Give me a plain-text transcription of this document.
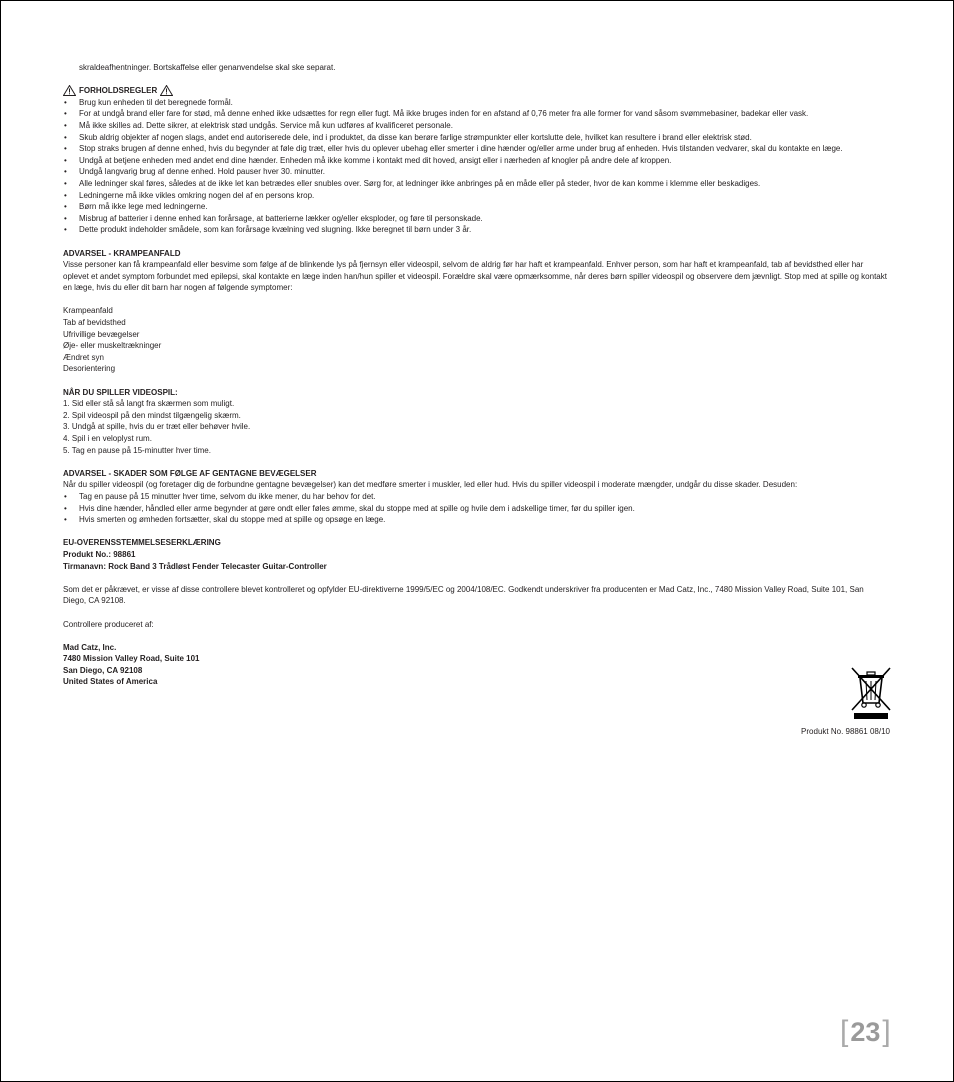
skraldeafhentninger. Bortskaffelse eller genanvendelse skal ske separat.

FORHOLDSREGLER
• Brug kun enheden til det beregnede formål.
• For at undgå brand eller fare for stød, må denne enhed ikke udsættes for regn eller fugt. Må ikke bruges inden for en afstand af 0,76 meter fra alle former for vand såsom svømmebasiner, badekar eller vask.
• Må ikke skilles ad. Dette sikrer, at elektrisk stød undgås. Service må kun udføres af kvalificeret personale.
• Skub aldrig objekter af nogen slags, andet end autoriserede dele, ind i produktet, da disse kan berøre farlige strømpunkter eller kortslutte dele, hvilket kan resultere i brand eller elektrisk stød.
• Stop straks brugen af denne enhed, hvis du begynder at føle dig træt, eller hvis du oplever ubehag eller smerter i dine hænder og/eller arme under brug af enheden. Hvis tilstanden vedvarer, skal du kontakte en læge.
• Undgå at betjene enheden med andet end dine hænder. Enheden må ikke komme i kontakt med dit hoved, ansigt eller i nærheden af knogler på andre dele af kroppen.
• Undgå langvarig brug af denne enhed. Hold pauser hver 30. minutter.
• Alle ledninger skal føres, således at de ikke let kan betrædes eller snubles over. Sørg for, at ledninger ikke anbringes på en måde eller på steder, hvor de kan komme i klemme eller beskadiges.
• Ledningerne må ikke vikles omkring nogen del af en persons krop.
• Børn må ikke lege med ledningerne.
• Misbrug af batterier i denne enhed kan forårsage, at batterierne lækker og/eller eksploder, og føre til personskade.
• Dette produkt indeholder smådele, som kan forårsage kvælning ved slugning. Ikke beregnet til børn under 3 år.

ADVARSEL - KRAMPEANFALD

Visse personer kan få krampeanfald eller besvime som følge af de blinkende lys på fjernsyn eller videospil, selvom de aldrig før har haft et krampeanfald. Enhver person, som har haft et krampeanfald, tab af bevidsthed eller har oplevet et andet symptom forbundet med epilepsi, skal kontakte en læge inden han/hun spiller et videospil. Forældre skal være opmærksomme, når deres børn spiller videospil og observere dem jævnligt. Stop med at spille og kontakt en læge, hvis du eller dit barn har nogen af følgende symptomer:

Krampeanfald

Tab af bevidsthed

Ufrivillige bevægelser

Øje- eller muskeltrækninger

Ændret syn

Desorientering

NÅR DU SPILLER VIDEOSPIL:

1. Sid eller stå så langt fra skærmen som muligt.

2. Spil videospil på den mindst tilgængelig skærm.

3. Undgå at spille, hvis du er træt eller behøver hvile.

4. Spil i en veloplyst rum.

5. Tag en pause på 15-minutter hver time.

ADVARSEL - SKADER SOM FØLGE AF GENTAGNE BEVÆGELSER

Når du spiller videospil (og foretager dig de forbundne gentagne bevægelser) kan det medføre smerter i muskler, led eller hud. Hvis du spiller videospil i moderate mængder, undgår du disse skader. Desuden:

• Tag en pause på 15 minutter hver time, selvom du ikke mener, du har behov for det.
• Hvis dine hænder, håndled eller arme begynder at gøre ondt eller føles ømme, skal du stoppe med at spille og hvile dem i adskellige timer, før du spiller igen.
• Hvis smerten og ømheden fortsætter, skal du stoppe med at spille og opsøge en læge.

EU-OVERENSSTEMMELSESERKLÆRING

Produkt No.: 98861

Tirmanavn: Rock Band 3 Trådløst Fender Telecaster Guitar-Controller

Som det er påkrævet, er visse af disse controllere blevet kontrolleret og opfylder EU-direktiverne 1999/5/EC og 2004/108/EC. Godkendt underskriver fra producenten er Mad Catz, Inc., 7480 Mission Valley Road, Suite 101, San Diego, CA 92108.

Controllere produceret af:

Mad Catz, Inc.

7480 Mission Valley Road, Suite 101

San Diego, CA 92108

United States of America

Produkt No. 98861 08/10
[ 23 ]
